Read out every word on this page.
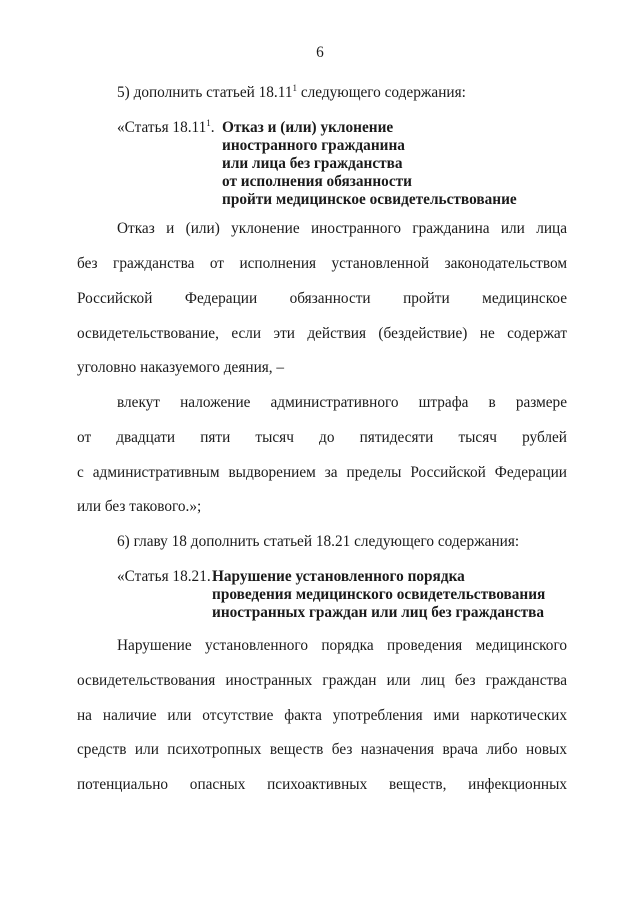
6
5) дополнить статьей 18.11$^1$ следующего содержания:
«Статья 18.11$^1$. Отказ и (или) уклонение
иностранного гражданина
или лица без гражданства
от исполнения обязанности
пройти медицинское освидетельствование
Отказ и (или) уклонение иностранного гражданина или лица
без гражданства от исполнения установленной законодательством
Российской Федерации обязанности пройти медицинское
освидетельствование, если эти действия (бездействие) не содержат
уголовно наказуемого деяния, –
влекут наложение административного штрафа в размере
от двадцати пяти тысяч до пятидесяти тысяч рублей
с административным выдворением за пределы Российской Федерации
или без такового.»;
6) главу 18 дополнить статьей 18.21 следующего содержания:
«Статья 18.21. Нарушение установленного порядка
проведения медицинского освидетельствования
иностранных граждан или лиц без гражданства
Нарушение установленного порядка проведения медицинского
освидетельствования иностранных граждан или лиц без гражданства
на наличие или отсутствие факта употребления ими наркотических
средств или психотропных веществ без назначения врача либо новых
потенциально опасных психоактивных веществ, инфекционных
